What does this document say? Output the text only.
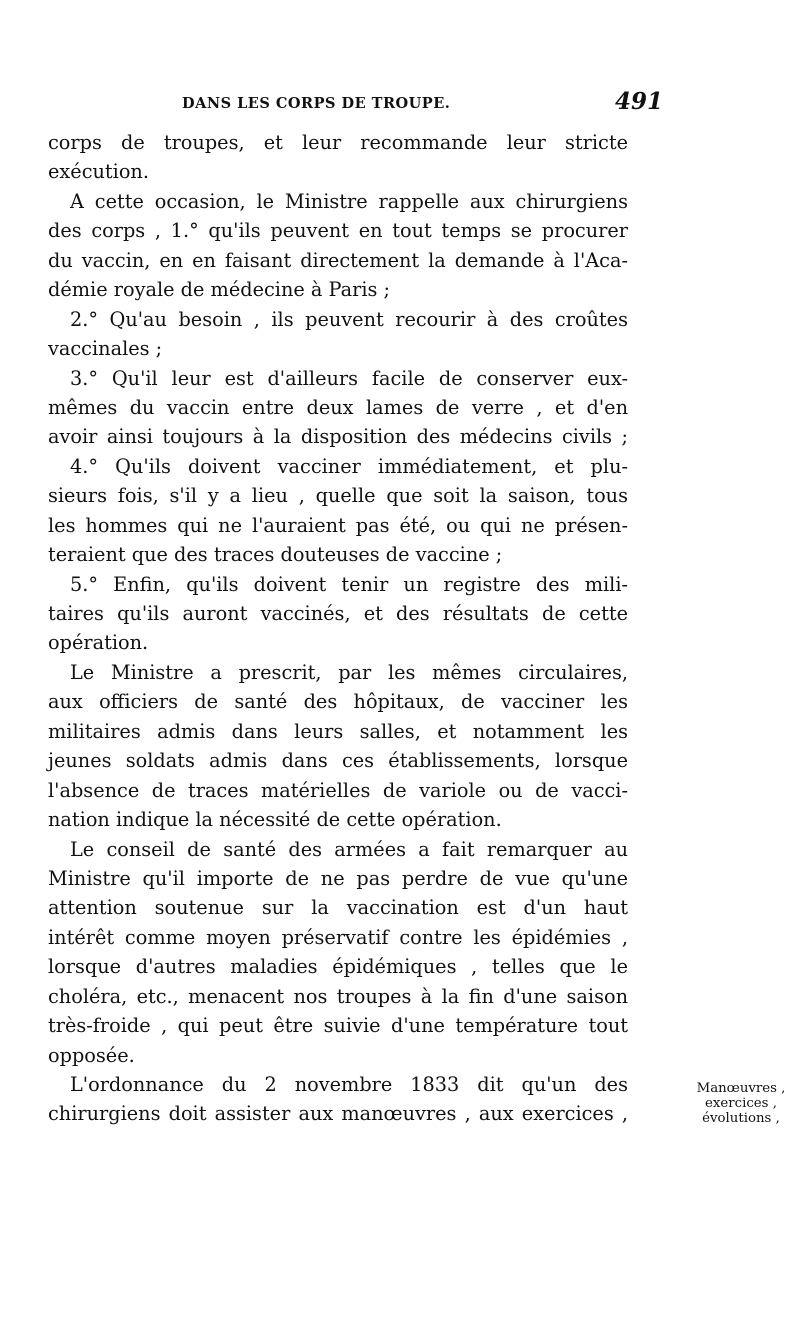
DANS LES CORPS DE TROUPE.	491
corps de troupes, et leur recommande leur stricte
exécution.
A cette occasion, le Ministre rappelle aux chirurgiens
des corps , 1.° qu'ils peuvent en tout temps se procurer
du vaccin, en en faisant directement la demande à l'Aca-
démie royale de médecine à Paris ;
2.° Qu'au besoin , ils peuvent recourir à des croûtes
vaccinales ;
3.° Qu'il leur est d'ailleurs facile de conserver eux-
mêmes du vaccin entre deux lames de verre , et d'en
avoir ainsi toujours à la disposition des médecins civils ;
4.° Qu'ils doivent vacciner immédiatement, et plu-
sieurs fois, s'il y a lieu , quelle que soit la saison, tous
les hommes qui ne l'auraient pas été, ou qui ne présen-
teraient que des traces douteuses de vaccine ;
5.° Enfin, qu'ils doivent tenir un registre des mili-
taires qu'ils auront vaccinés, et des résultats de cette
opération.
Le Ministre a prescrit, par les mêmes circulaires,
aux officiers de santé des hôpitaux, de vacciner les
militaires admis dans leurs salles, et notamment les
jeunes soldats admis dans ces établissements, lorsque
l'absence de traces matérielles de variole ou de vacci-
nation indique la nécessité de cette opération.
Le conseil de santé des armées a fait remarquer au
Ministre qu'il importe de ne pas perdre de vue qu'une
attention soutenue sur la vaccination est d'un haut
intérêt comme moyen préservatif contre les épidémies ,
lorsque d'autres maladies épidémiques , telles que le
choléra, etc., menacent nos troupes à la fin d'une saison
très-froide , qui peut être suivie d'une température tout
opposée.
L'ordonnance du 2 novembre 1833 dit qu'un des
chirurgiens doit assister aux manœuvres , aux exercices ,
Manœuvres ,
exercices ,
évolutions ,
